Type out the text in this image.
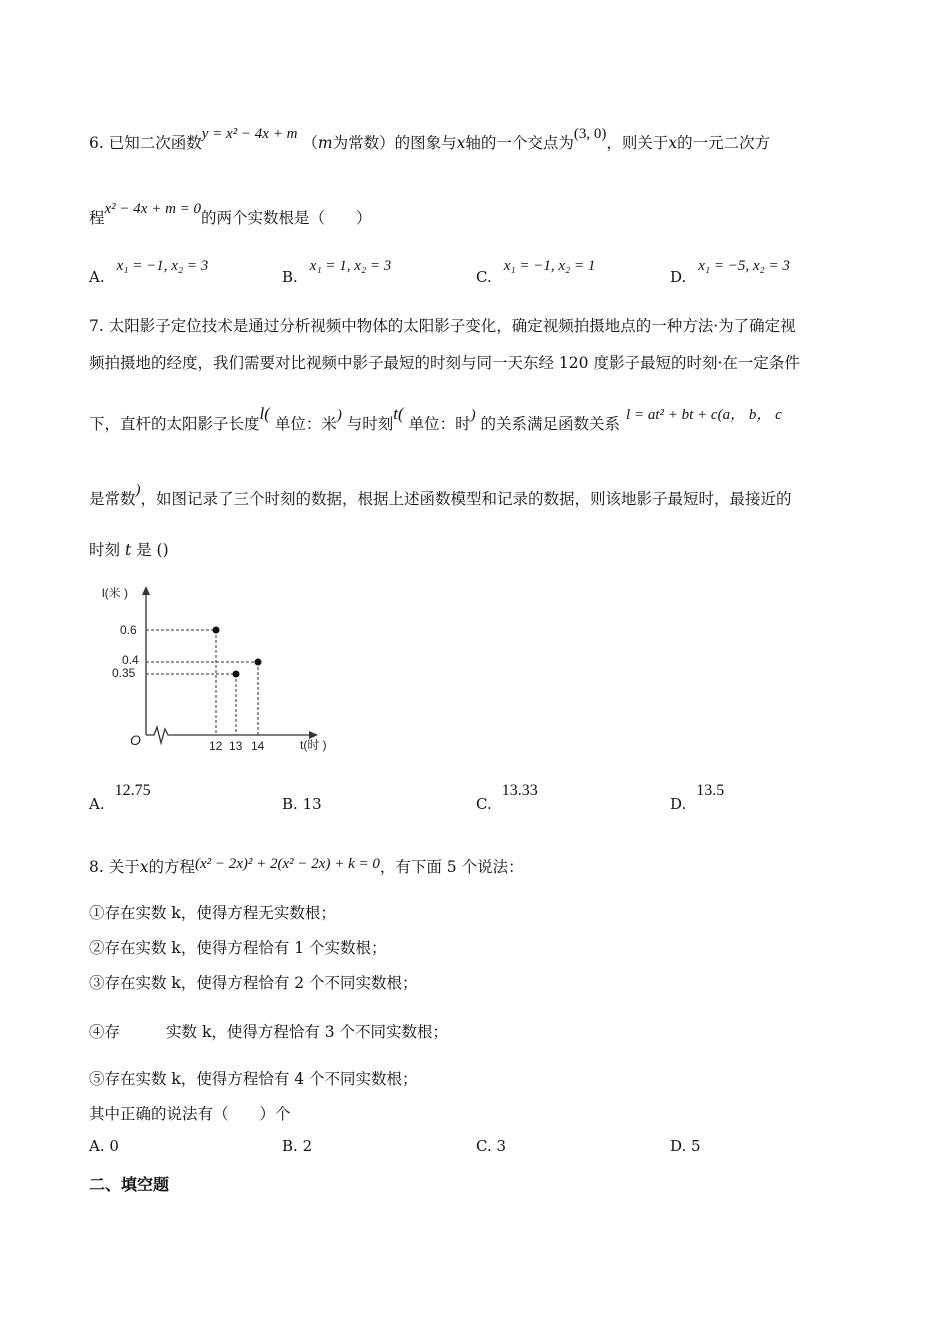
6. 已知二次函数y = x² − 4x + m （m为常数）的图象与x轴的一个交点为(3, 0)，则关于x的一元二次方
程x² − 4x + m = 0的两个实数根是（　　）
A.x₁ = −1, x₂ = 3
B.x₁ = 1, x₂ = 3
C.x₁ = −1, x₂ = 1
D.x₁ = −5, x₂ = 3
7. 太阳影子定位技术是通过分析视频中物体的太阳影子变化，确定视频拍摄地点的一种方法·为了确定视
频拍摄地的经度，我们需要对比视频中影子最短的时刻与同一天东经 120 度影子最短的时刻·在一定条件
下，直杆的太阳影子长度l( 单位：米) 与时刻t( 单位：时) 的关系满足函数关系 l = at² + bt + c(a， b， c
是常数)，如图记录了三个时刻的数据，根据上述函数模型和记录的数据，则该地影子最短时，最接近的
时刻 t 是 ()
l(米 )
t(时 )
O	12 13 14
0.6
0.4
0.35
A.12.75
B. 13	C.13.33
D.13.5
8. 关于x的方程(x² − 2x)² + 2(x² − 2x) + k = 0，有下面 5 个说法：
①存在实数 k，使得方程无实数根；
②存在实数 k，使得方程恰有 1 个实数根；
③存在实数 k，使得方程恰有 2 个不同实数根；
④存	实数 k，使得方程恰有 3 个不同实数根；
⑤存在实数 k，使得方程恰有 4 个不同实数根；
其中正确的说法有（　　）个
A. 0	B. 2	C. 3	D. 5
二、填空题
